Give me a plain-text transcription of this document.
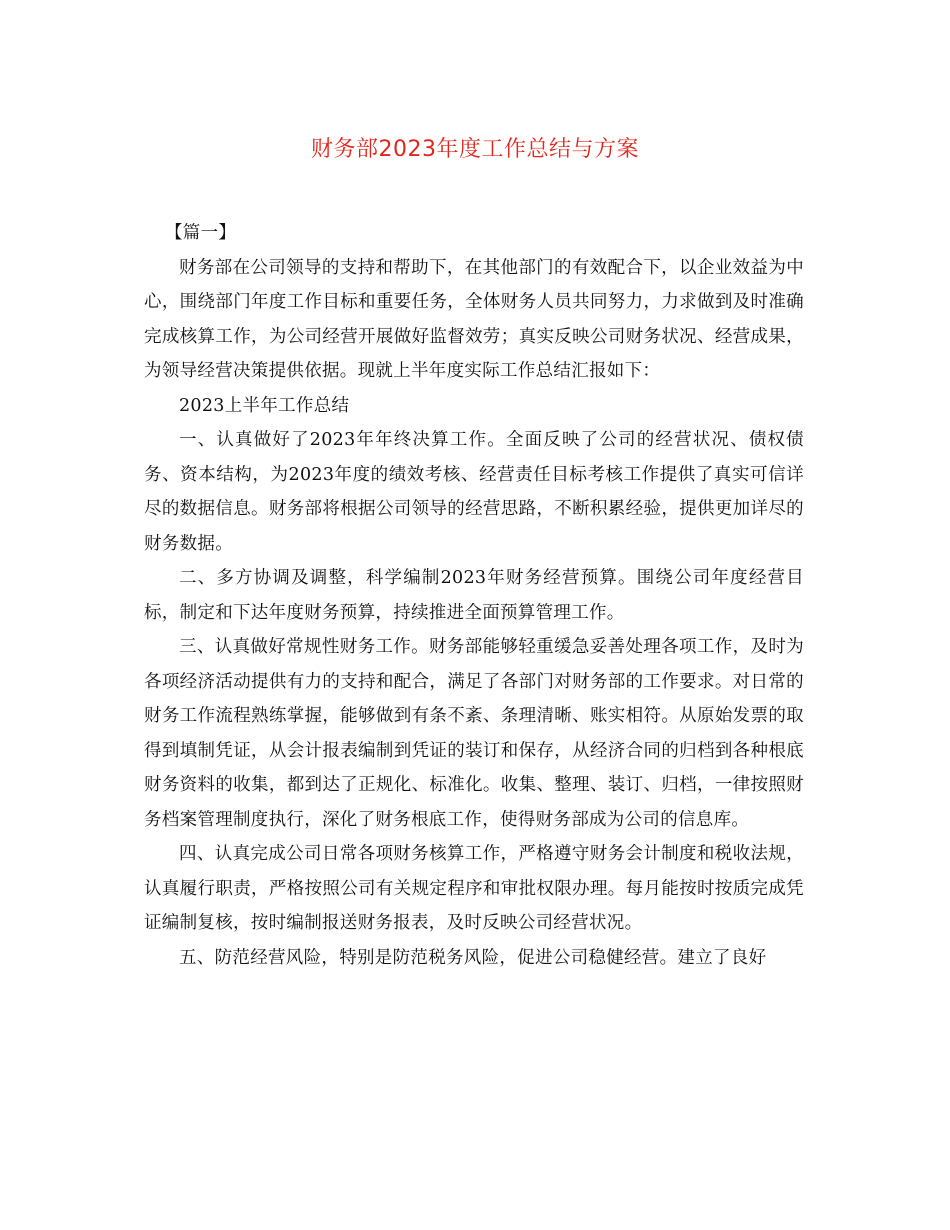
财务部2023年度工作总结与方案

【篇一】

财务部在公司领导的支持和帮助下，在其他部门的有效配合下，以企业效益为中心，围绕部门年度工作目标和重要任务，全体财务人员共同努力，力求做到及时准确完成核算工作，为公司经营开展做好监督效劳；真实反映公司财务状况、经营成果，为领导经营决策提供依据。现就上半年度实际工作总结汇报如下：

2023上半年工作总结

一、认真做好了2023年年终决算工作。全面反映了公司的经营状况、债权债务、资本结构，为2023年度的绩效考核、经营责任目标考核工作提供了真实可信详尽的数据信息。财务部将根据公司领导的经营思路，不断积累经验，提供更加详尽的财务数据。

二、多方协调及调整，科学编制2023年财务经营预算。围绕公司年度经营目标，制定和下达年度财务预算，持续推进全面预算管理工作。

三、认真做好常规性财务工作。财务部能够轻重缓急妥善处理各项工作，及时为各项经济活动提供有力的支持和配合，满足了各部门对财务部的工作要求。对日常的财务工作流程熟练掌握，能够做到有条不紊、条理清晰、账实相符。从原始发票的取得到填制凭证，从会计报表编制到凭证的装订和保存，从经济合同的归档到各种根底财务资料的收集，都到达了正规化、标准化。收集、整理、装订、归档，一律按照财务档案管理制度执行，深化了财务根底工作，使得财务部成为公司的信息库。

四、认真完成公司日常各项财务核算工作，严格遵守财务会计制度和税收法规，认真履行职责，严格按照公司有关规定程序和审批权限办理。每月能按时按质完成凭证编制复核，按时编制报送财务报表，及时反映公司经营状况。

五、防范经营风险，特别是防范税务风险，促进公司稳健经营。建立了良好
